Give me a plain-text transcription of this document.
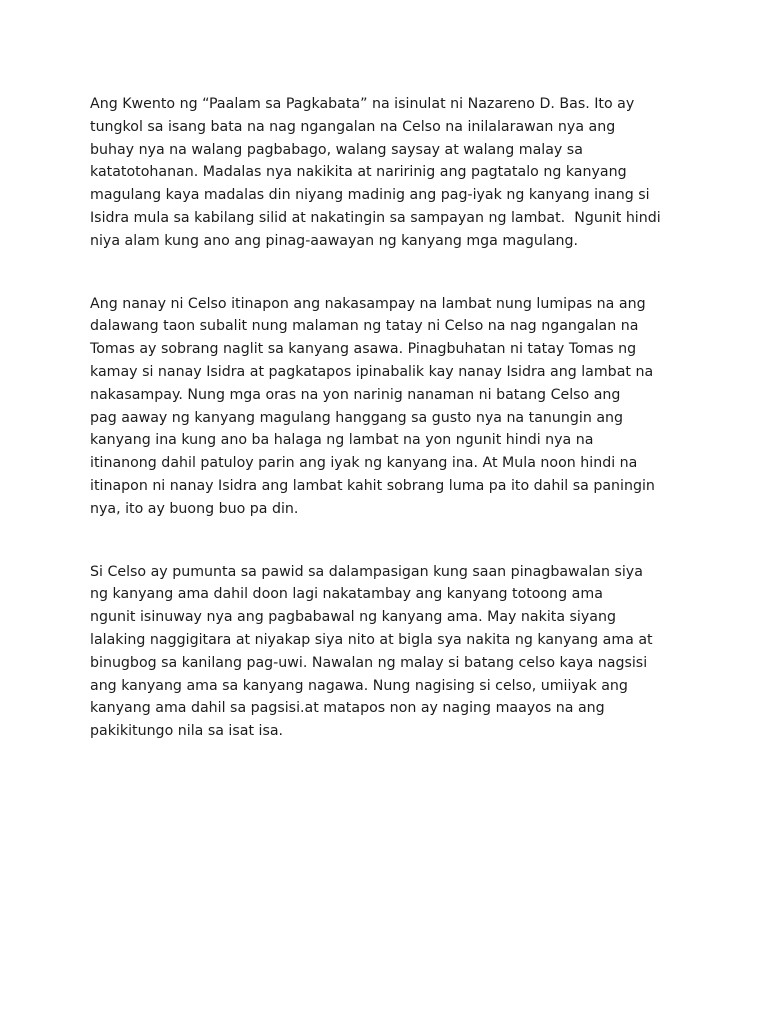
Ang Kwento ng “Paalam sa Pagkabata” na isinulat ni Nazareno D. Bas. Ito ay
tungkol sa isang bata na nag ngangalan na Celso na inilalarawan nya ang
buhay nya na walang pagbabago, walang saysay at walang malay sa
katatotohanan. Madalas nya nakikita at naririnig ang pagtatalo ng kanyang
magulang kaya madalas din niyang madinig ang pag-iyak ng kanyang inang si
Isidra mula sa kabilang silid at nakatingin sa sampayan ng lambat.  Ngunit hindi
niya alam kung ano ang pinag-aawayan ng kanyang mga magulang.

Ang nanay ni Celso itinapon ang nakasampay na lambat nung lumipas na ang
dalawang taon subalit nung malaman ng tatay ni Celso na nag ngangalan na
Tomas ay sobrang naglit sa kanyang asawa. Pinagbuhatan ni tatay Tomas ng
kamay si nanay Isidra at pagkatapos ipinabalik kay nanay Isidra ang lambat na
nakasampay. Nung mga oras na yon narinig nanaman ni batang Celso ang
pag aaway ng kanyang magulang hanggang sa gusto nya na tanungin ang
kanyang ina kung ano ba halaga ng lambat na yon ngunit hindi nya na
itinanong dahil patuloy parin ang iyak ng kanyang ina. At Mula noon hindi na
itinapon ni nanay Isidra ang lambat kahit sobrang luma pa ito dahil sa paningin
nya, ito ay buong buo pa din.

Si Celso ay pumunta sa pawid sa dalampasigan kung saan pinagbawalan siya
ng kanyang ama dahil doon lagi nakatambay ang kanyang totoong ama
ngunit isinuway nya ang pagbabawal ng kanyang ama. May nakita siyang
lalaking naggigitara at niyakap siya nito at bigla sya nakita ng kanyang ama at
binugbog sa kanilang pag-uwi. Nawalan ng malay si batang celso kaya nagsisi
ang kanyang ama sa kanyang nagawa. Nung nagising si celso, umiiyak ang
kanyang ama dahil sa pagsisi.at matapos non ay naging maayos na ang
pakikitungo nila sa isat isa.
